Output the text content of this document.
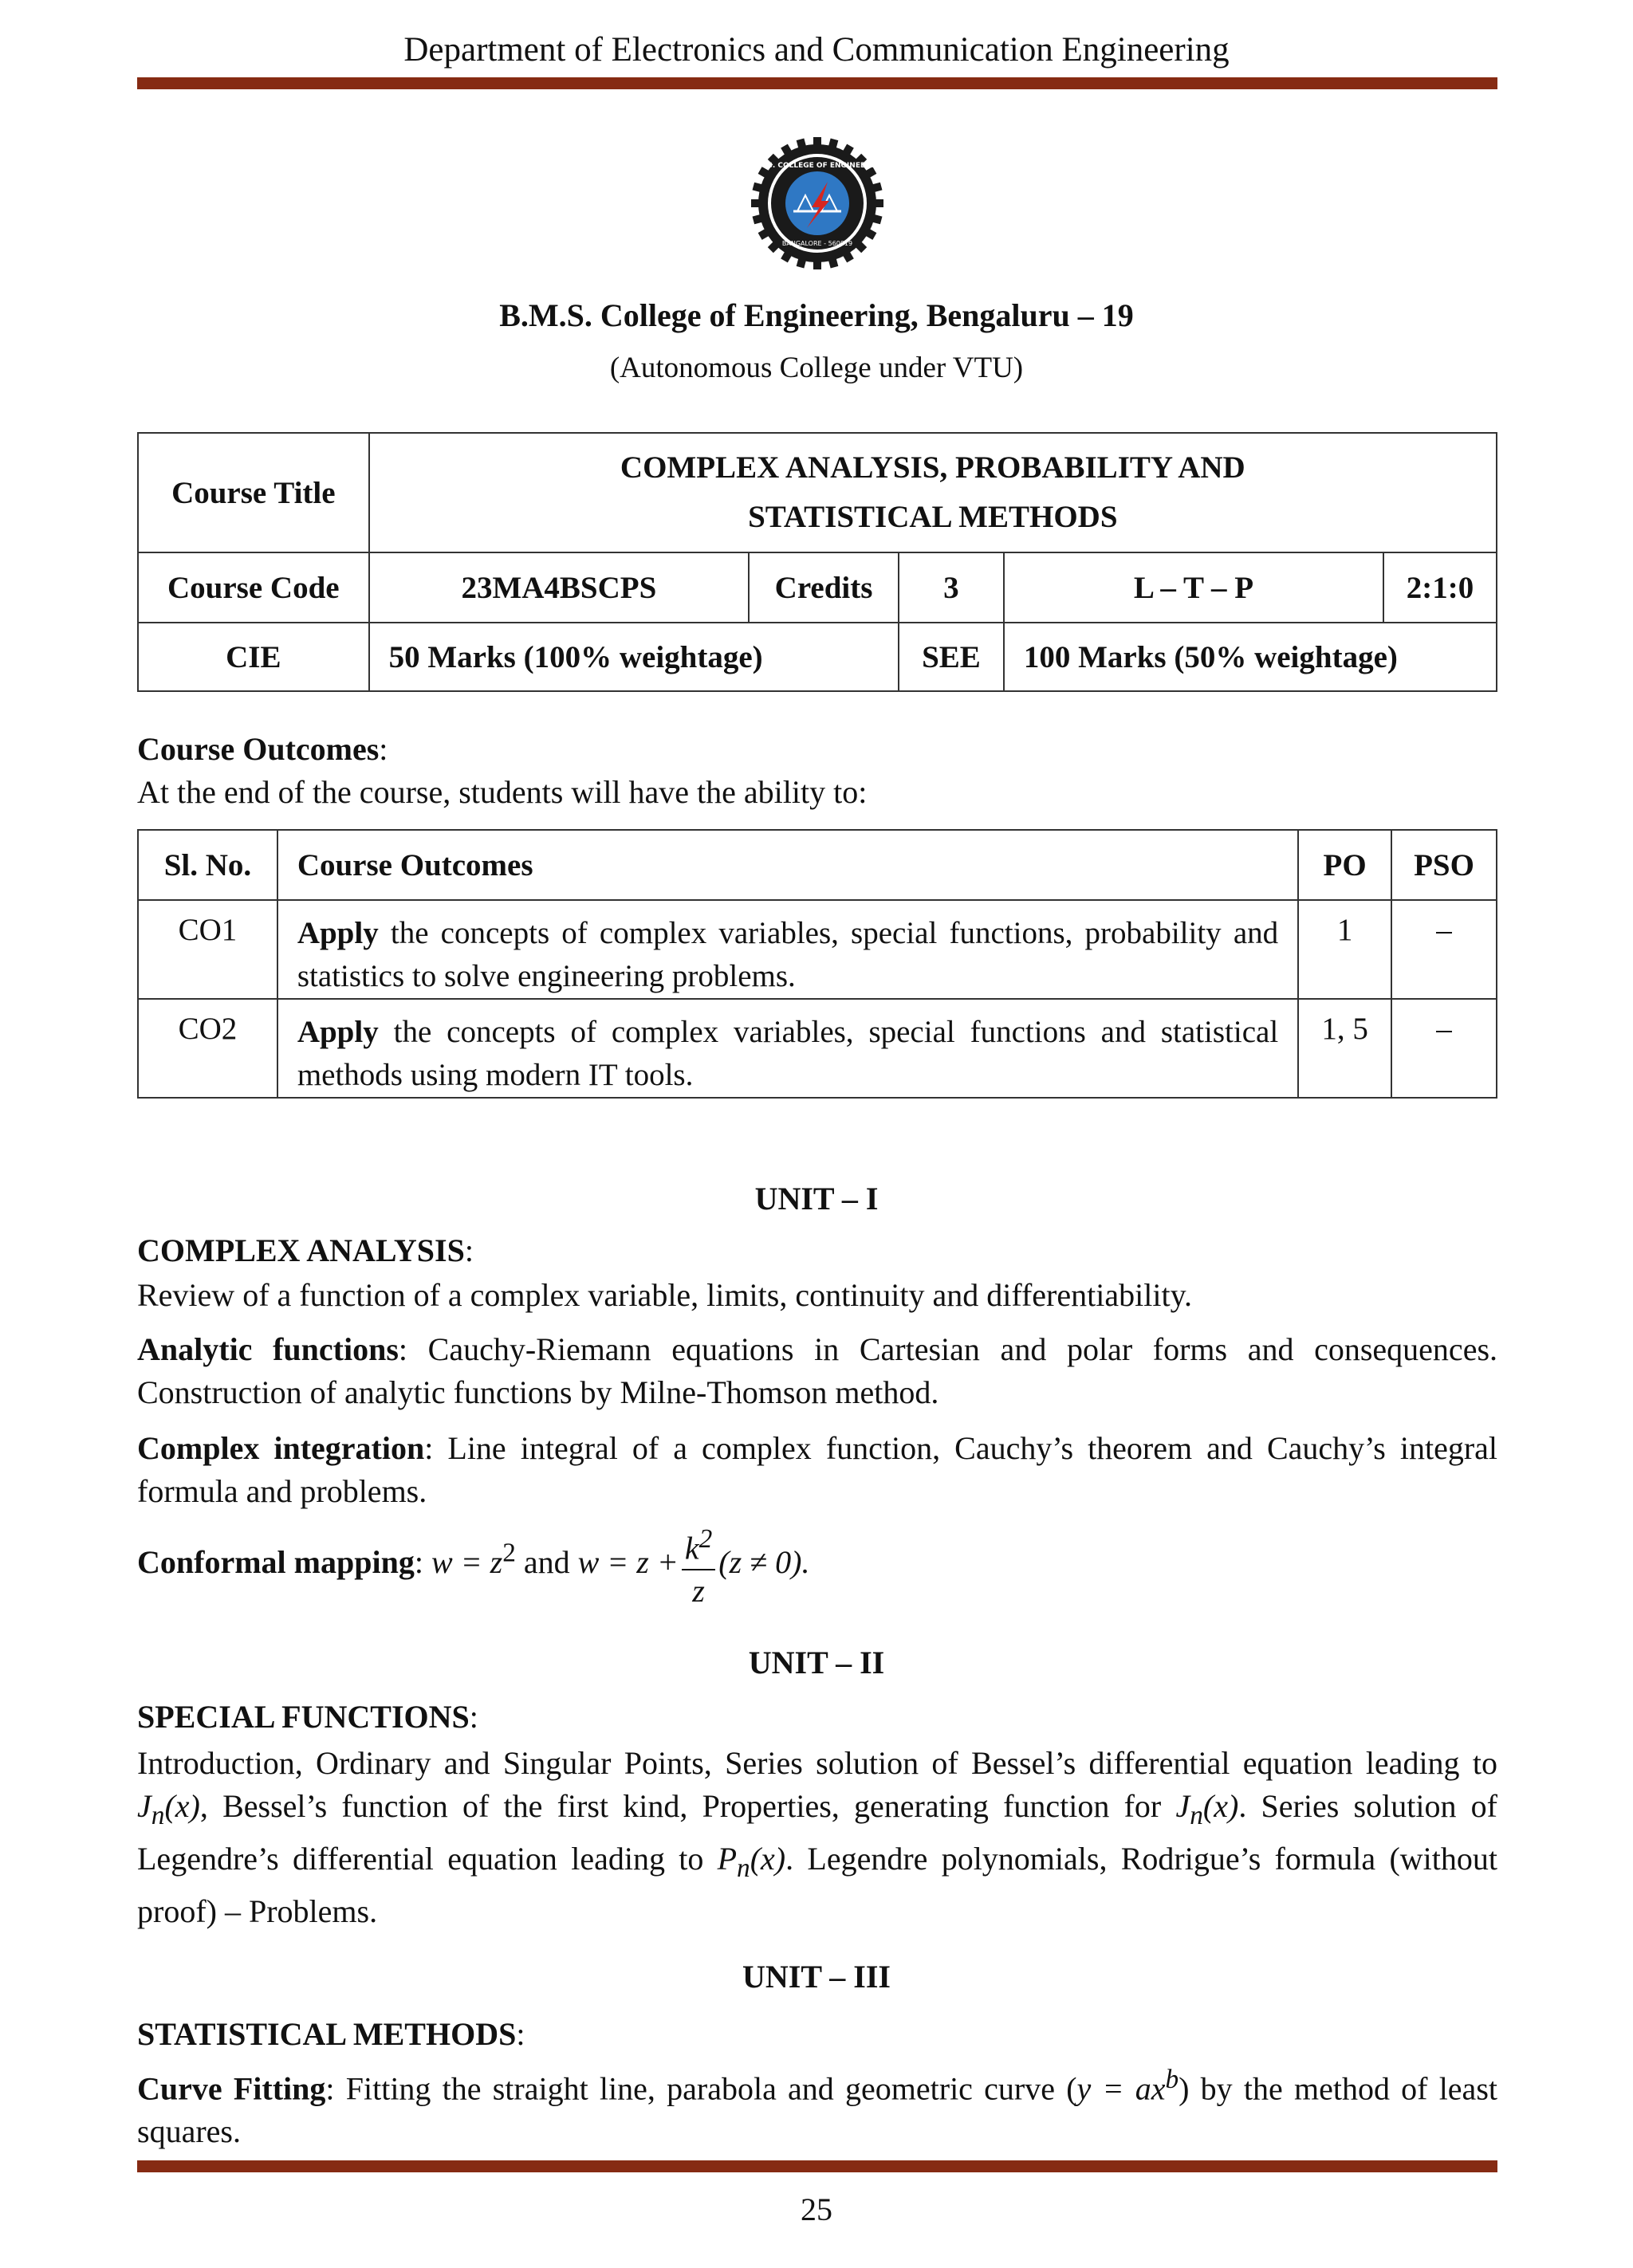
Department of Electronics and Communication Engineering
B.M.S. COLLEGE OF ENGINEERING
BANGALORE - 560019
B.M.S. College of Engineering, Bengaluru – 19
(Autonomous College under VTU)
Course Title	COMPLEX ANALYSIS, PROBABILITY AND
STATISTICAL METHODS				
Course Code	23MA4BSCPS	Credits	3	L – T – P	2:1:0
CIE	50 Marks (100% weightage)		SEE	100 Marks (50% weightage)	
Course Outcomes:
At the end of the course, students will have the ability to:
Sl. No.	Course Outcomes	PO	PSO
CO1	Apply the concepts of complex variables, special functions, probability and statistics to solve engineering problems.	1	–
CO2	Apply the concepts of complex variables, special functions and statistical methods using modern IT tools.	1, 5	–
UNIT – I
COMPLEX ANALYSIS:
Review of a function of a complex variable, limits, continuity and differentiability.
Analytic functions: Cauchy-Riemann equations in Cartesian and polar forms and consequences. Construction of analytic functions by Milne-Thomson method.
Complex integration: Line integral of a complex function, Cauchy’s theorem and Cauchy’s integral formula and problems.
Conformal mapping: $w = z^2$ and $w = z + \frac{k^2}{z} (z \ne 0)$.
UNIT – II
SPECIAL FUNCTIONS:
Introduction, Ordinary and Singular Points, Series solution of Bessel’s differential equation leading to $J_n(x)$, Bessel’s function of the first kind, Properties, generating function for $J_n(x)$. Series solution of Legendre’s differential equation leading to $P_n(x)$. Legendre polynomials, Rodrigue’s formula (without proof) – Problems.
UNIT – III
STATISTICAL METHODS:
Curve Fitting: Fitting the straight line, parabola and geometric curve $(y = ax^b)$ by the method of least squares.
25
